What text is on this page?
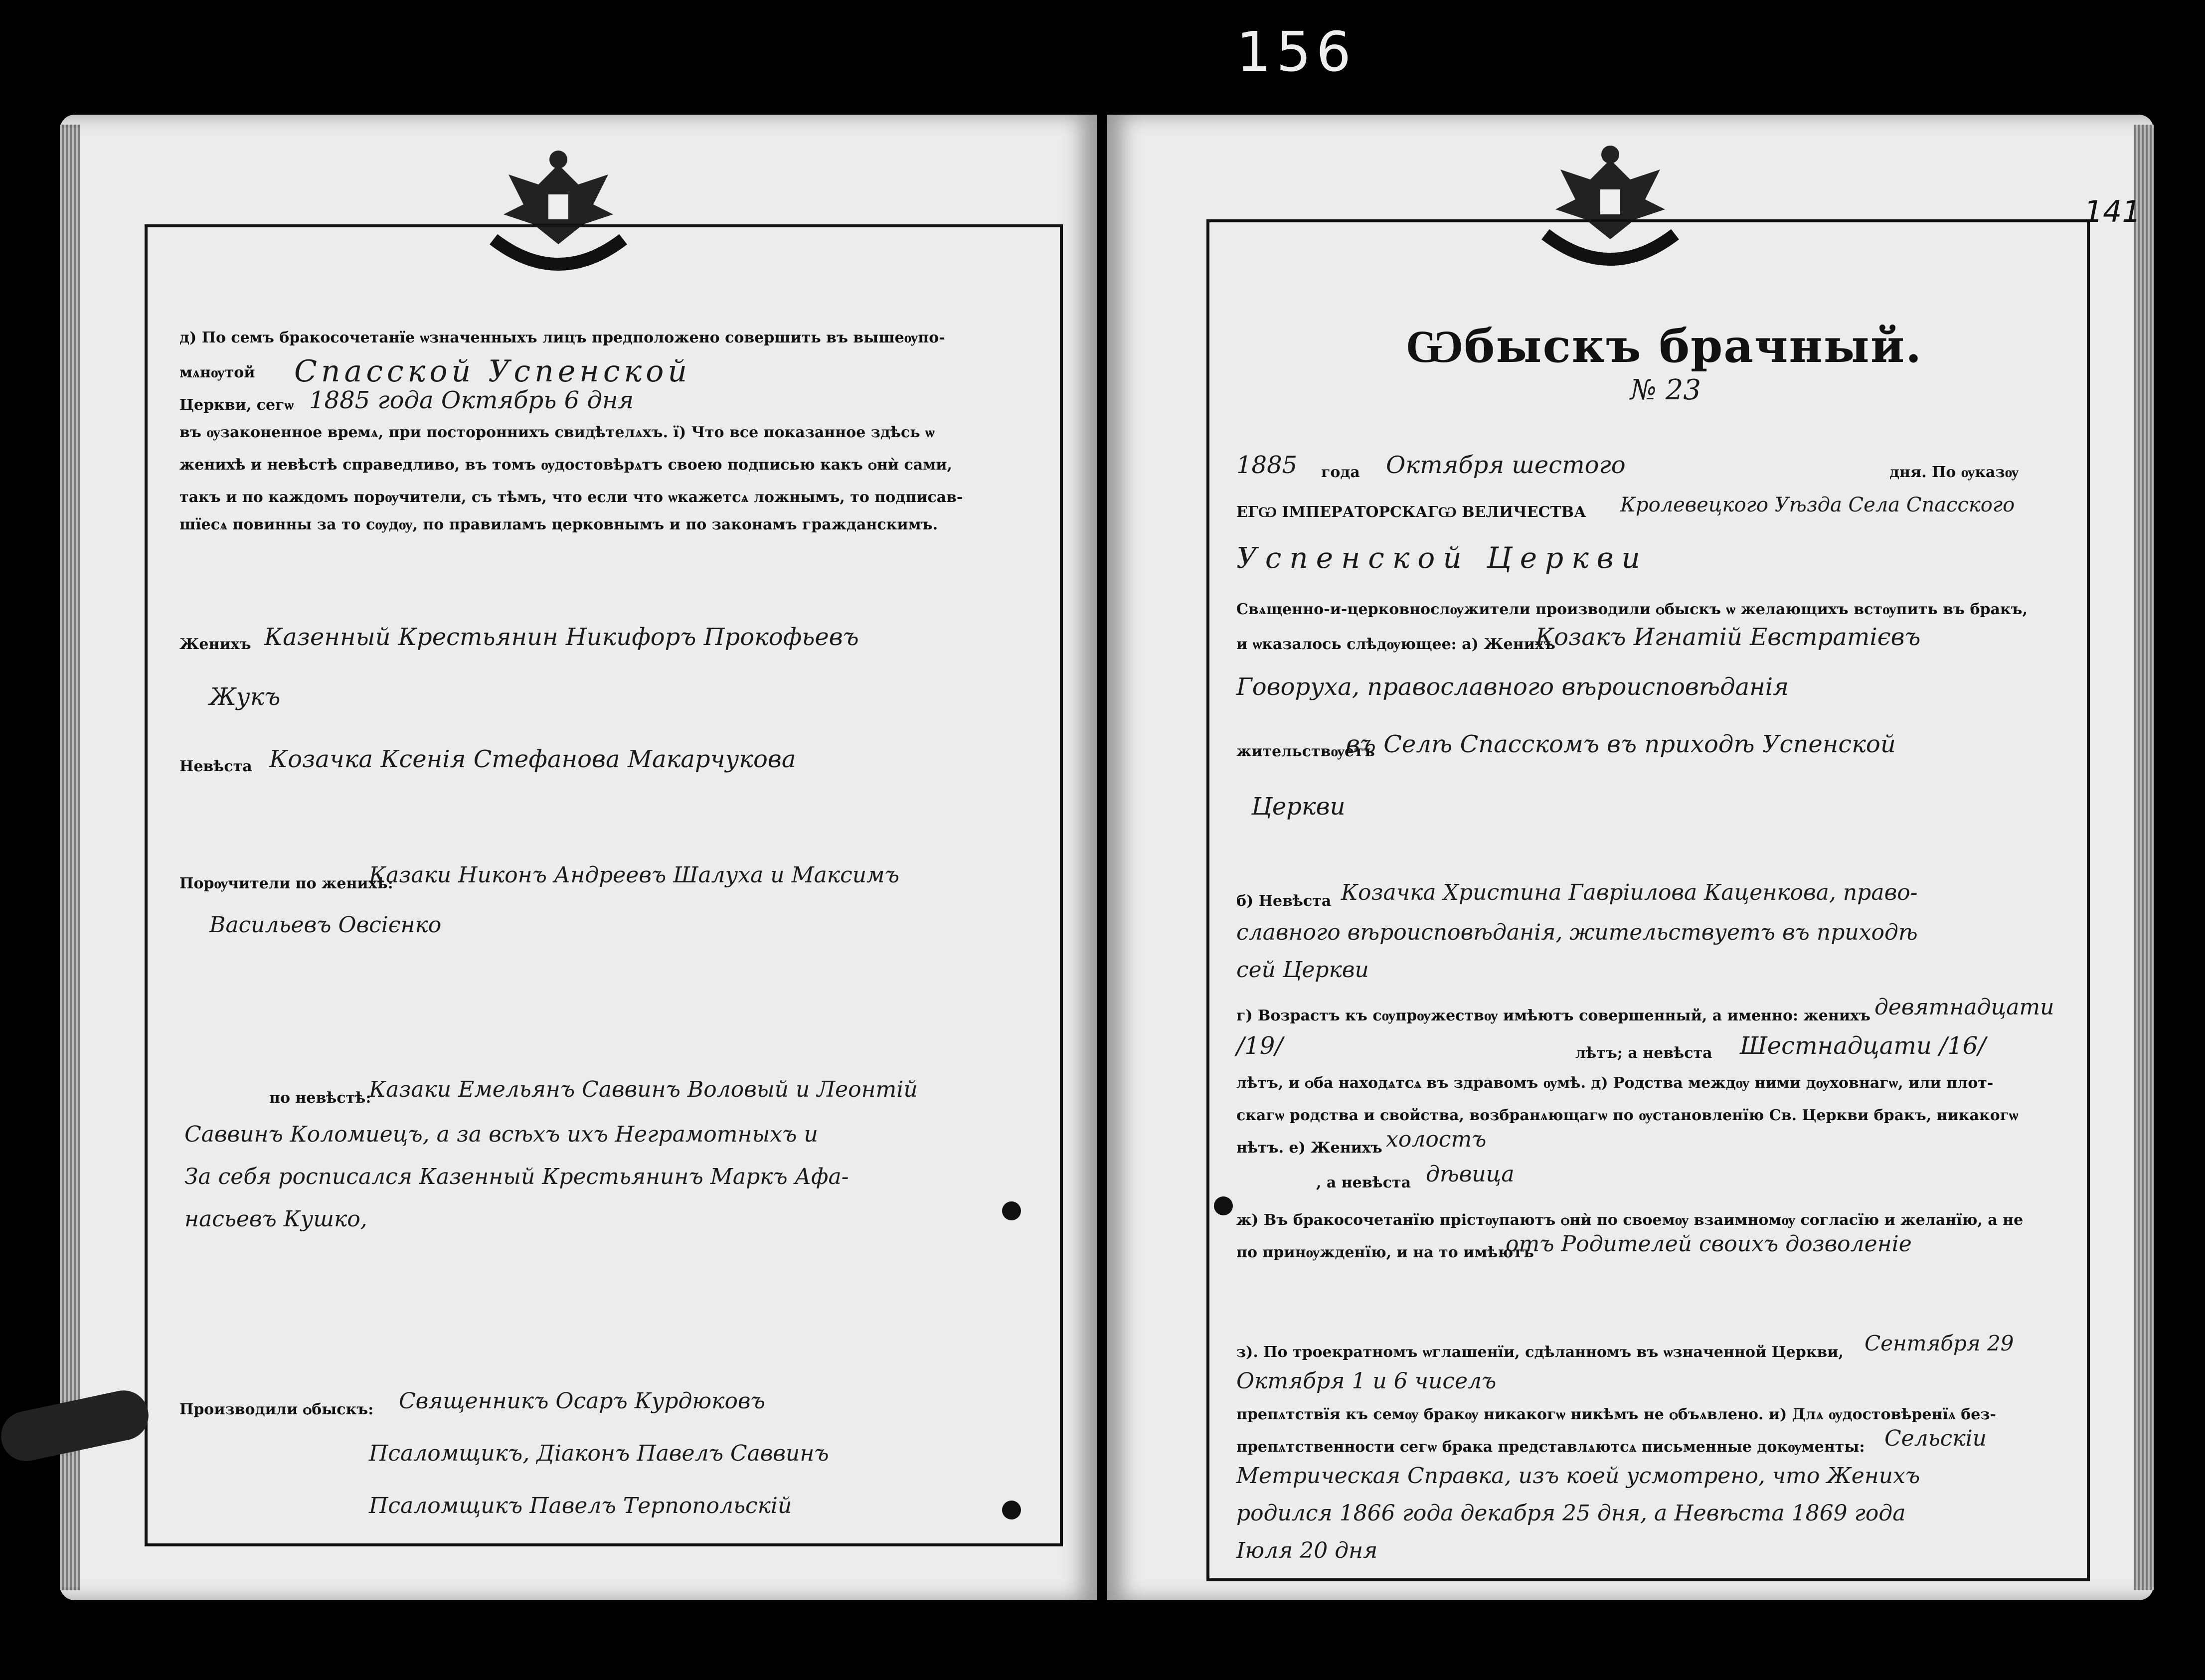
156
д) По семъ бракосочетанїе ѡзначенныхъ лицъ предположено совершить въ вышеѹпо-
мѧнѹтой Спасской Успенской
Церкви, сегѡ 1885 года Октябрь 6 дня
въ ѹзаконенное времѧ, при постороннихъ свидѣтелѧхъ. ї) Что все показанное здѣсь ѡ
женихѣ и невѣстѣ справедливо, въ томъ ѹдостовѣрѧтъ своею подписью какъ ѻнѝ сами,
такъ и по каждомъ порѹчители, съ тѣмъ, что если что ѡкажетсѧ ложнымъ, то подписав-
шїесѧ повинны за то сѹдѹ, по правиламъ церковнымъ и по законамъ гражданскимъ.
Женихъ Казенный Крестьянин Никифоръ Прокофьевъ
Жукъ
Невѣста Козачка Ксенія Стефанова Макарчукова
Порѹчители по женихѣ:
Казаки Никонъ Андреевъ Шалуха и Максимъ
Васильевъ Овсієнко
по невѣстѣ:
Казаки Емельянъ Саввинъ Воловый и Леонтій
Саввинъ Коломиецъ, а за всѣхъ ихъ Неграмотныхъ и
За себя росписался Казенный Крестьянинъ Маркъ Афа-
насьевъ Кушко,
Производили ѻбыскъ: Священникъ Осаръ Курдюковъ
Псаломщикъ, Діаконъ Павелъ Саввинъ
Псаломщикъ Павелъ Терпопольскій
141
Ѡбыскъ брачный.
№ 23
1885 года Октября шестого	дня. По ѹказѹ
ЕГѠ ІМПЕРАТОРСКАГѠ ВЕЛИЧЕСТВА Кролевецкого Уѣзда Села Спасского
Успенской Церкви
Свѧщенно-и-церковнослѹжители производили ѻбыскъ ѡ желающихъ встѹпить въ бракъ,
и ѡказалось слѣдѹющее: а) Женихъ
Козакъ Игнатій Евстратієвъ
Говоруха, православного вѣроисповѣданія
жительствѹетъ
въ Селѣ Спасскомъ въ приходѣ Успенской
Церкви
б) Невѣста Козачка Христина Гавріилова Каценкова, право-
славного вѣроисповѣданія, жительствуетъ въ приходѣ
сей Церкви
г) Возрастъ къ сѹпрѹжествѹ имѣютъ совершенный, а именно: женихъ девятнадцати
/19/	лѣтъ; а невѣста Шестнадцати /16/
лѣтъ, и ѻба находѧтсѧ въ здравомъ ѹмѣ. д) Родства междѹ ними дѹховнагѡ, или плот-
скагѡ родства и свойства, возбранѧющагѡ по ѹстановленїю Св. Церкви бракъ, никакогѡ
нѣтъ. е) Женихъ холостъ
, а невѣста дѣвица
ж) Въ бракосочетанїю прістѹпаютъ ѻнѝ по своемѹ взаимномѹ согласїю и желанїю, а не
по принѹжденїю, и на то имѣютъ
отъ Родителей своихъ дозволеніе
з). По троекратномъ ѡглашенїи, сдѣланномъ въ ѡзначенной Церкви, Сентября 29
Октября 1 и 6 чиселъ
препѧтствїя къ семѹ бракѹ никакогѡ никѣмъ не ѻбъѧвлено. и) Длѧ ѹдостовѣренїѧ без-
препѧтственности сегѡ брака представлѧютсѧ письменные докѹменты: Сельскіи
Метрическая Справка, изъ коей усмотрено, что Женихъ
родился 1866 года декабря 25 дня, а Невѣста 1869 года
Іюля 20 дня
